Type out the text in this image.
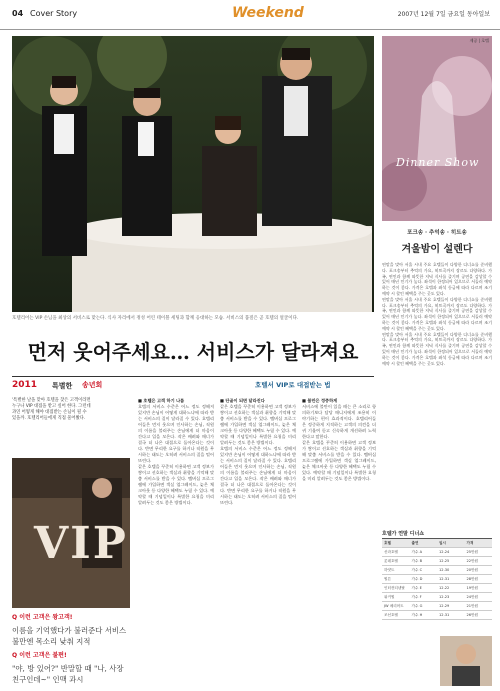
04 Cover Story	Weekend	2007년 12월 7일 금요일 동아일보
호텔리어는 VIP 손님을 최상의 서비스로 맞는다. 식사 자리에서 정성 어린 테이블 세팅과 함께 응대하는 모습. 서비스의 품질은 곧 호텔의 얼굴이다.
먼저 웃어주세요… 서비스가 달라져요
2011 특별한 송년회	호텔서 VIP로 대접받는 법
'특별한 날을 맞아 호텔을 찾은 고객이라면 누구나 VIP 대접을 받고 싶어 한다. 그런데 과연 어떻게 해야 대접받는 손님이 될 수 있을까. 호텔리어들에게 직접 물어봤다.
VIP
Q 이런 고객은 왕고객!
이름을 기억했다가 불러준다 서비스 불만엔 목소리 낮춰 지적
Q 이런 고객은 불편!
"야, 방 있어?" 반말할 때 "나, 사장 친구인데~" 인맥 과시
■ 호텔은 고객 하기 나름
호텔의 서비스 수준은 어느 정도 정해져 있지만 손님이 어떻게 대하느냐에 따라 받는 서비스의 질이 달라질 수 있다. 호텔리어들은 먼저 웃으며 인사하는 손님, 직원의 이름을 불러주는 손님에게 더 마음이 간다고 입을 모은다. 작은 배려와 매너가 결국 더 나은 대접으로 돌아온다는 것이다. 반면 무리한 요구를 하거나 직원을 무시하는 태도는 오히려 서비스의 질을 떨어뜨린다.
같은 호텔을 꾸준히 이용하면 고객 정보가 쌓이고 선호하는 객실과 취향을 기억해 맞춤 서비스를 받을 수 있다. 멤버십 프로그램에 가입하면 객실 업그레이드, 늦은 체크아웃 등 다양한 혜택도 누릴 수 있다. 예약할 때 기념일이나 특별한 요청을 미리 알려두는 것도 좋은 방법이다.
■ 단골이 되면 달라진다
같은 호텔을 꾸준히 이용하면 고객 정보가 쌓이고 선호하는 객실과 취향을 기억해 맞춤 서비스를 받을 수 있다. 멤버십 프로그램에 가입하면 객실 업그레이드, 늦은 체크아웃 등 다양한 혜택도 누릴 수 있다. 예약할 때 기념일이나 특별한 요청을 미리 알려두는 것도 좋은 방법이다.
호텔의 서비스 수준은 어느 정도 정해져 있지만 손님이 어떻게 대하느냐에 따라 받는 서비스의 질이 달라질 수 있다. 호텔리어들은 먼저 웃으며 인사하는 손님, 직원의 이름을 불러주는 손님에게 더 마음이 간다고 입을 모은다. 작은 배려와 매너가 결국 더 나은 대접으로 돌아온다는 것이다. 반면 무리한 요구를 하거나 직원을 무시하는 태도는 오히려 서비스의 질을 떨어뜨린다.
■ 불만은 정중하게
서비스에 불만이 있을 때는 큰 소리로 항의하기보다 담당 매니저에게 조용히 이야기하는 편이 효과적이다. 호텔리어들은 정중하게 지적하는 고객의 의견을 더 귀 기울여 듣고 신속하게 개선하려 노력한다고 말한다.
같은 호텔을 꾸준히 이용하면 고객 정보가 쌓이고 선호하는 객실과 취향을 기억해 맞춤 서비스를 받을 수 있다. 멤버십 프로그램에 가입하면 객실 업그레이드, 늦은 체크아웃 등 다양한 혜택도 누릴 수 있다. 예약할 때 기념일이나 특별한 요청을 미리 알려두는 것도 좋은 방법이다.
제공 | 호텔
Dinner Show
포크송 · 추억송 · 히트송
겨울밤이 설렌다
연말을 맞아 서울 시내 주요 호텔들이 다양한 디너쇼를 준비했다. 포크송부터 추억의 가요, 히트곡까지 장르도 다양하다. 가족, 연인과 함께 따뜻한 저녁 식사를 즐기며 공연을 감상할 수 있어 매년 인기가 높다. 좌석이 한정되어 있으므로 서둘러 예약하는 것이 좋다. 가격은 호텔과 좌석 등급에 따라 다르며 조기 예약 시 할인 혜택을 주는 곳도 있다.
연말을 맞아 서울 시내 주요 호텔들이 다양한 디너쇼를 준비했다. 포크송부터 추억의 가요, 히트곡까지 장르도 다양하다. 가족, 연인과 함께 따뜻한 저녁 식사를 즐기며 공연을 감상할 수 있어 매년 인기가 높다. 좌석이 한정되어 있으므로 서둘러 예약하는 것이 좋다. 가격은 호텔과 좌석 등급에 따라 다르며 조기 예약 시 할인 혜택을 주는 곳도 있다.
연말을 맞아 서울 시내 주요 호텔들이 다양한 디너쇼를 준비했다. 포크송부터 추억의 가요, 히트곡까지 장르도 다양하다. 가족, 연인과 함께 따뜻한 저녁 식사를 즐기며 공연을 감상할 수 있어 매년 인기가 높다. 좌석이 한정되어 있으므로 서둘러 예약하는 것이 좋다. 가격은 호텔과 좌석 등급에 따라 다르며 조기 예약 시 할인 혜택을 주는 곳도 있다.
호텔가 연말 디너쇼
호텔	출연	일시	가격
신라호텔	가수 A	12.24	25만원
롯데호텔	가수 B	12.25	22만원
하얏트	가수 C	12.30	20만원
힐튼	가수 D	12.31	28만원
인터컨티넨탈	가수 E	12.22	19만원
워커힐	가수 F	12.23	24만원
JW 메리어트	가수 G	12.29	21만원
조선호텔	가수 H	12.31	26만원
